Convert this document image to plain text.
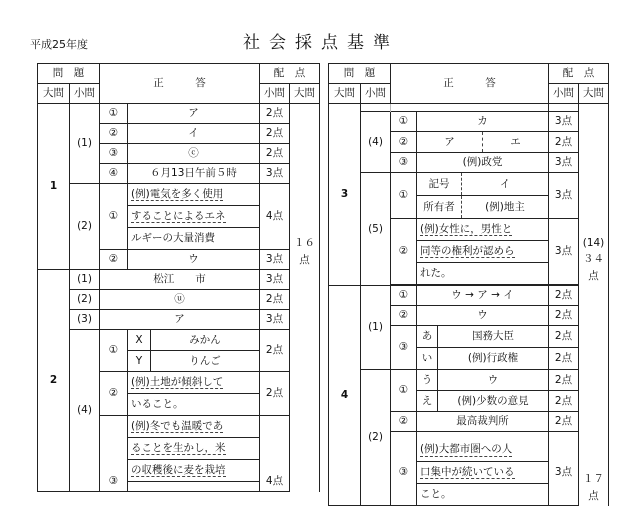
平成25年度	社会採点基準
問　題		正　　　答		配　点	
大問	小問			小問	大問
1	(1)	①	ア	2点	１６
点

		②	イ	2点	
		③	ⓒ	2点	
		④	６月13日午前５時	3点	
	(2)	①	(例)電気を多く使用	4点	
			することによるエネ		
			ルギーの大量消費		
		②	ウ	3点	
2	(1)	松江　　市		3点	
	(2)	ⓤ		2点	
	(3)	ア		3点	
	(4)	①	X みかん	2点	

			Y りんご		

		②	(例)土地が傾斜して	2点	
			いること。		
		③	(例)冬でも温暖であ	4点	
			ることを生かし，米		
			の収穫後に麦を栽培		

問　題		正　　　答		配　点	
大問	小問			小問	大問
3					(14)
３４
点

	(4)	①	カ	3点	
		②	ア エ	2点	
		③	(例)政党	3点	
	(5)	①	記号 イ	3点	

			所有者 (例)地主		

		②	(例)女性に，男性と	3点	
			同等の権利が認めら		
			れた。		

4	(1)	①	ウ → ア → イ	2点	１７
点

		②	ウ	2点	
		③	あ 国務大臣	2点	

			い (例)行政権	2点	
	(2)	①	う ウ	2点	

			え (例)少数の意見	2点	
		②	最高裁判所	2点	

		③	(例)大都市圏への人	3点	
			口集中が続いている		
			こと。		
